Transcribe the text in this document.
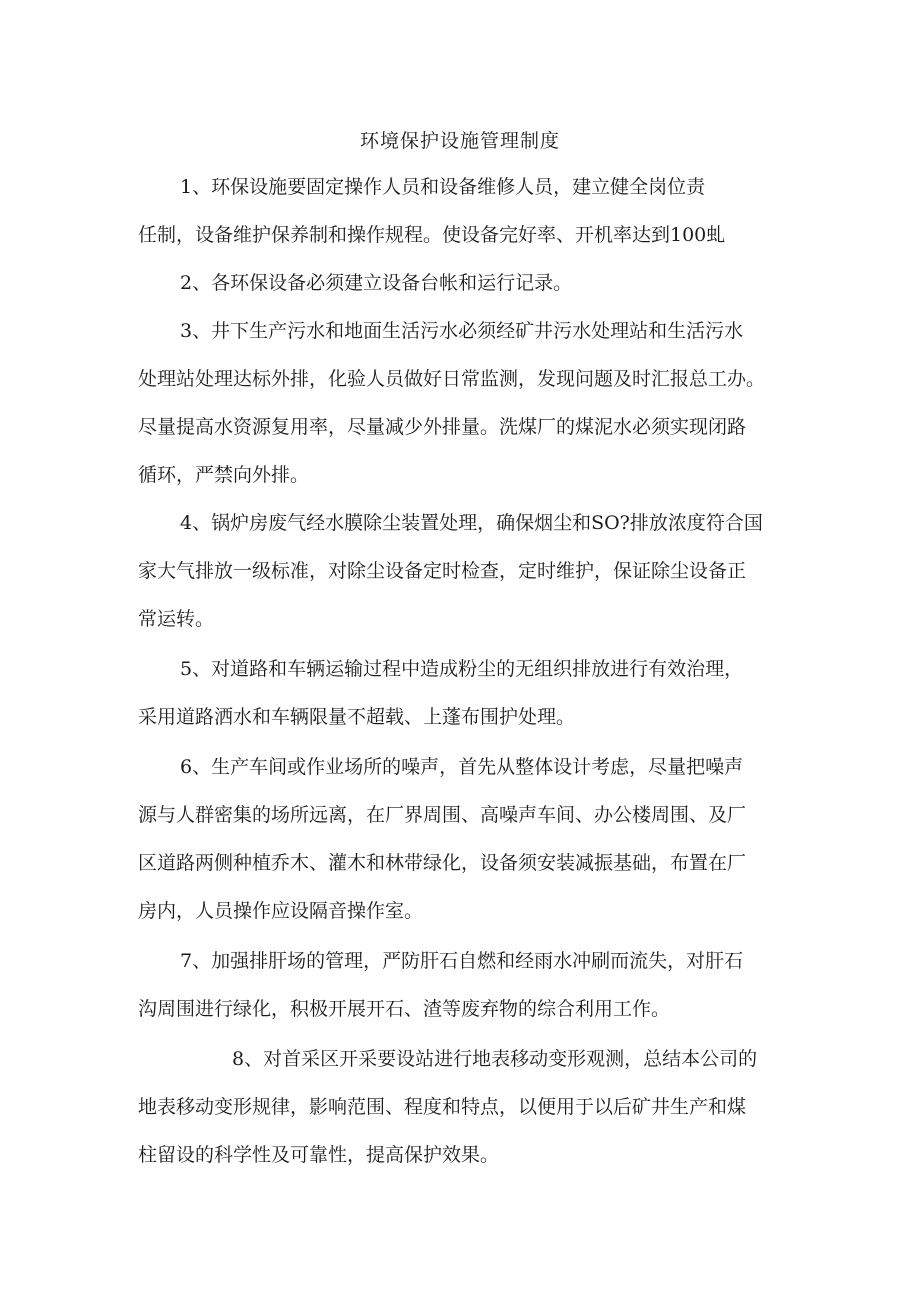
环境保护设施管理制度
1、环保设施要固定操作人员和设备维修人员，建立健全岗位责
任制，设备维护保养制和操作规程。使设备完好率、开机率达到100虬
2、各环保设备必须建立设备台帐和运行记录。
3、井下生产污水和地面生活污水必须经矿井污水处理站和生活污水
处理站处理达标外排，化验人员做好日常监测，发现问题及时汇报总工办。
尽量提高水资源复用率，尽量减少外排量。洗煤厂的煤泥水必须实现闭路
循环，严禁向外排。
4、锅炉房废气经水膜除尘装置处理，确保烟尘和SO?排放浓度符合国
家大气排放一级标准，对除尘设备定时检查，定时维护，保证除尘设备正
常运转。
5、对道路和车辆运输过程中造成粉尘的无组织排放进行有效治理，
采用道路洒水和车辆限量不超载、上蓬布围护处理。
6、生产车间或作业场所的噪声，首先从整体设计考虑，尽量把噪声
源与人群密集的场所远离，在厂界周围、高噪声车间、办公楼周围、及厂
区道路两侧种植乔木、灌木和林带绿化，设备须安装减振基础，布置在厂
房内，人员操作应设隔音操作室。
7、加强排肝场的管理，严防肝石自燃和经雨水冲刷而流失，对肝石
沟周围进行绿化，积极开展开石、渣等废弃物的综合利用工作。
8、对首采区开采要设站进行地表移动变形观测，总结本公司的
地表移动变形规律，影响范围、程度和特点，以便用于以后矿井生产和煤
柱留设的科学性及可靠性，提高保护效果。
